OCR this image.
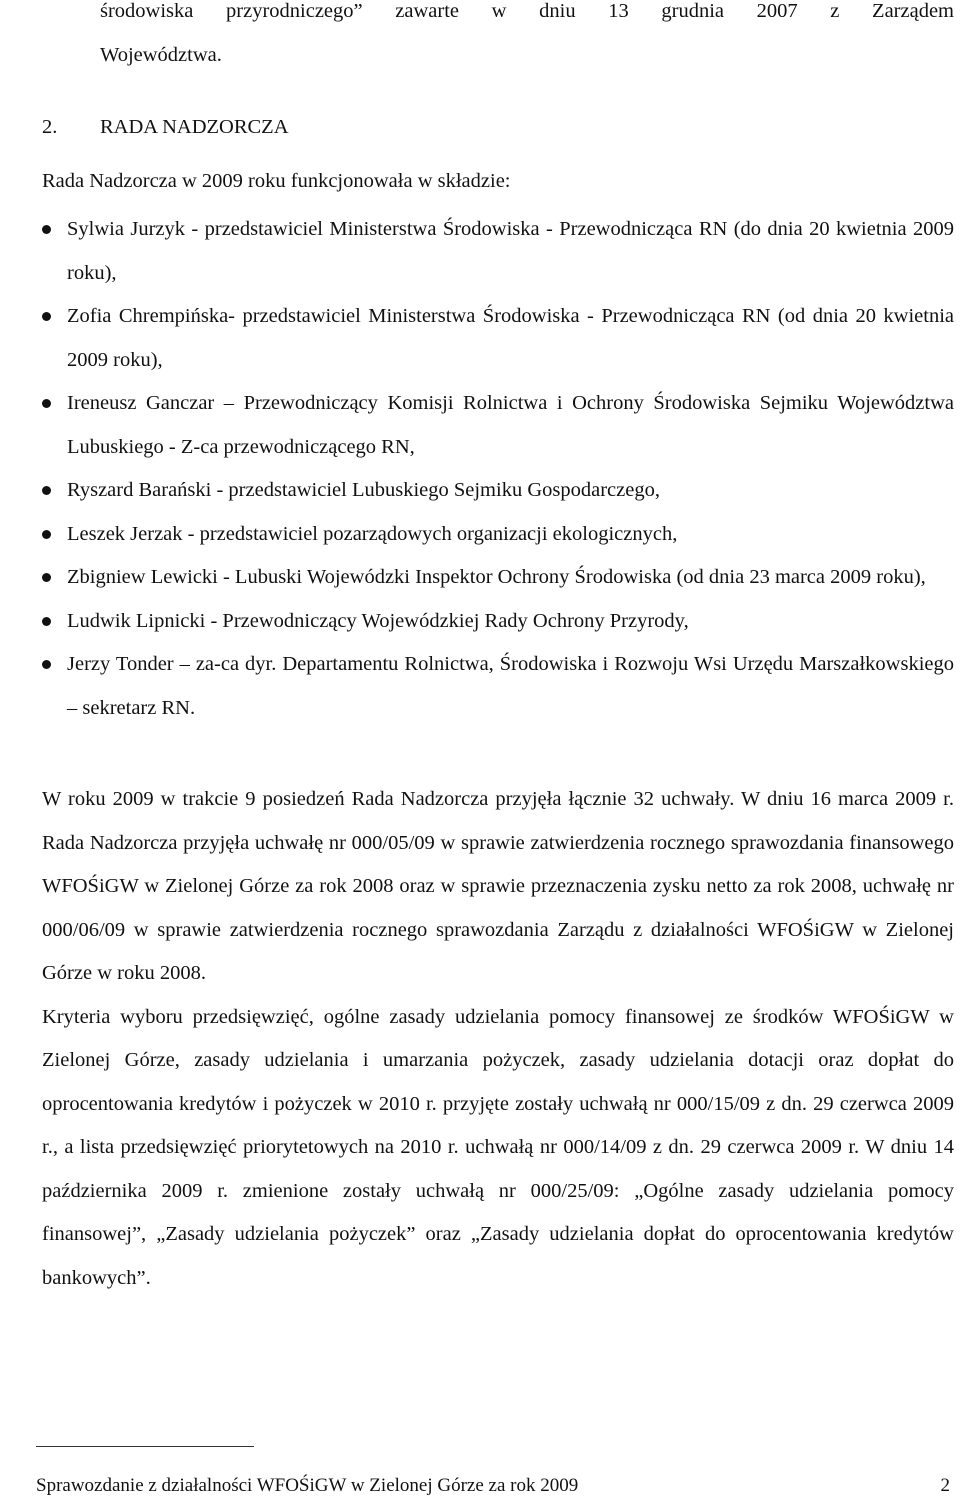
środowiska przyrodniczego” zawarte w dniu 13 grudnia 2007 z Zarządem

Województwa.

2. RADA NADZORCZA

Rada Nadzorcza w 2009 roku funkcjonowała w składzie:

Sylwia Jurzyk - przedstawiciel Ministerstwa Środowiska - Przewodnicząca RN (do dnia 20 kwietnia 2009 roku),
Zofia Chrempińska- przedstawiciel Ministerstwa Środowiska - Przewodnicząca RN (od dnia 20 kwietnia 2009 roku),
Ireneusz Ganczar – Przewodniczący Komisji Rolnictwa i Ochrony Środowiska Sejmiku Województwa Lubuskiego - Z-ca przewodniczącego RN,
Ryszard Barański - przedstawiciel Lubuskiego Sejmiku Gospodarczego,
Leszek Jerzak - przedstawiciel pozarządowych organizacji ekologicznych,
Zbigniew Lewicki - Lubuski Wojewódzki Inspektor Ochrony Środowiska (od dnia 23 marca 2009 roku),
Ludwik Lipnicki - Przewodniczący Wojewódzkiej Rady Ochrony Przyrody,
Jerzy Tonder – za-ca dyr. Departamentu Rolnictwa, Środowiska i Rozwoju Wsi Urzędu Marszałkowskiego – sekretarz RN.

W roku 2009 w trakcie 9 posiedzeń Rada Nadzorcza przyjęła łącznie 32 uchwały. W dniu 16 marca 2009 r. Rada Nadzorcza przyjęła uchwałę nr 000/05/09 w sprawie zatwierdzenia rocznego sprawozdania finansowego WFOŚiGW w Zielonej Górze za rok 2008 oraz w sprawie przeznaczenia zysku netto za rok 2008, uchwałę nr 000/06/09 w sprawie zatwierdzenia rocznego sprawozdania Zarządu z działalności WFOŚiGW w Zielonej Górze w roku 2008.

Kryteria wyboru przedsięwzięć, ogólne zasady udzielania pomocy finansowej ze środków WFOŚiGW w Zielonej Górze, zasady udzielania i umarzania pożyczek, zasady udzielania dotacji oraz dopłat do oprocentowania kredytów i pożyczek w 2010 r. przyjęte zostały uchwałą nr 000/15/09 z dn. 29 czerwca 2009 r., a lista przedsięwzięć priorytetowych na 2010 r. uchwałą nr 000/14/09 z dn. 29 czerwca 2009 r. W dniu 14 października 2009 r. zmienione zostały uchwałą nr 000/25/09: „Ogólne zasady udzielania pomocy finansowej”, „Zasady udzielania pożyczek” oraz „Zasady udzielania dopłat do oprocentowania kredytów bankowych”.

Sprawozdanie z działalności WFOŚiGW w Zielonej Górze za rok 2009	2
